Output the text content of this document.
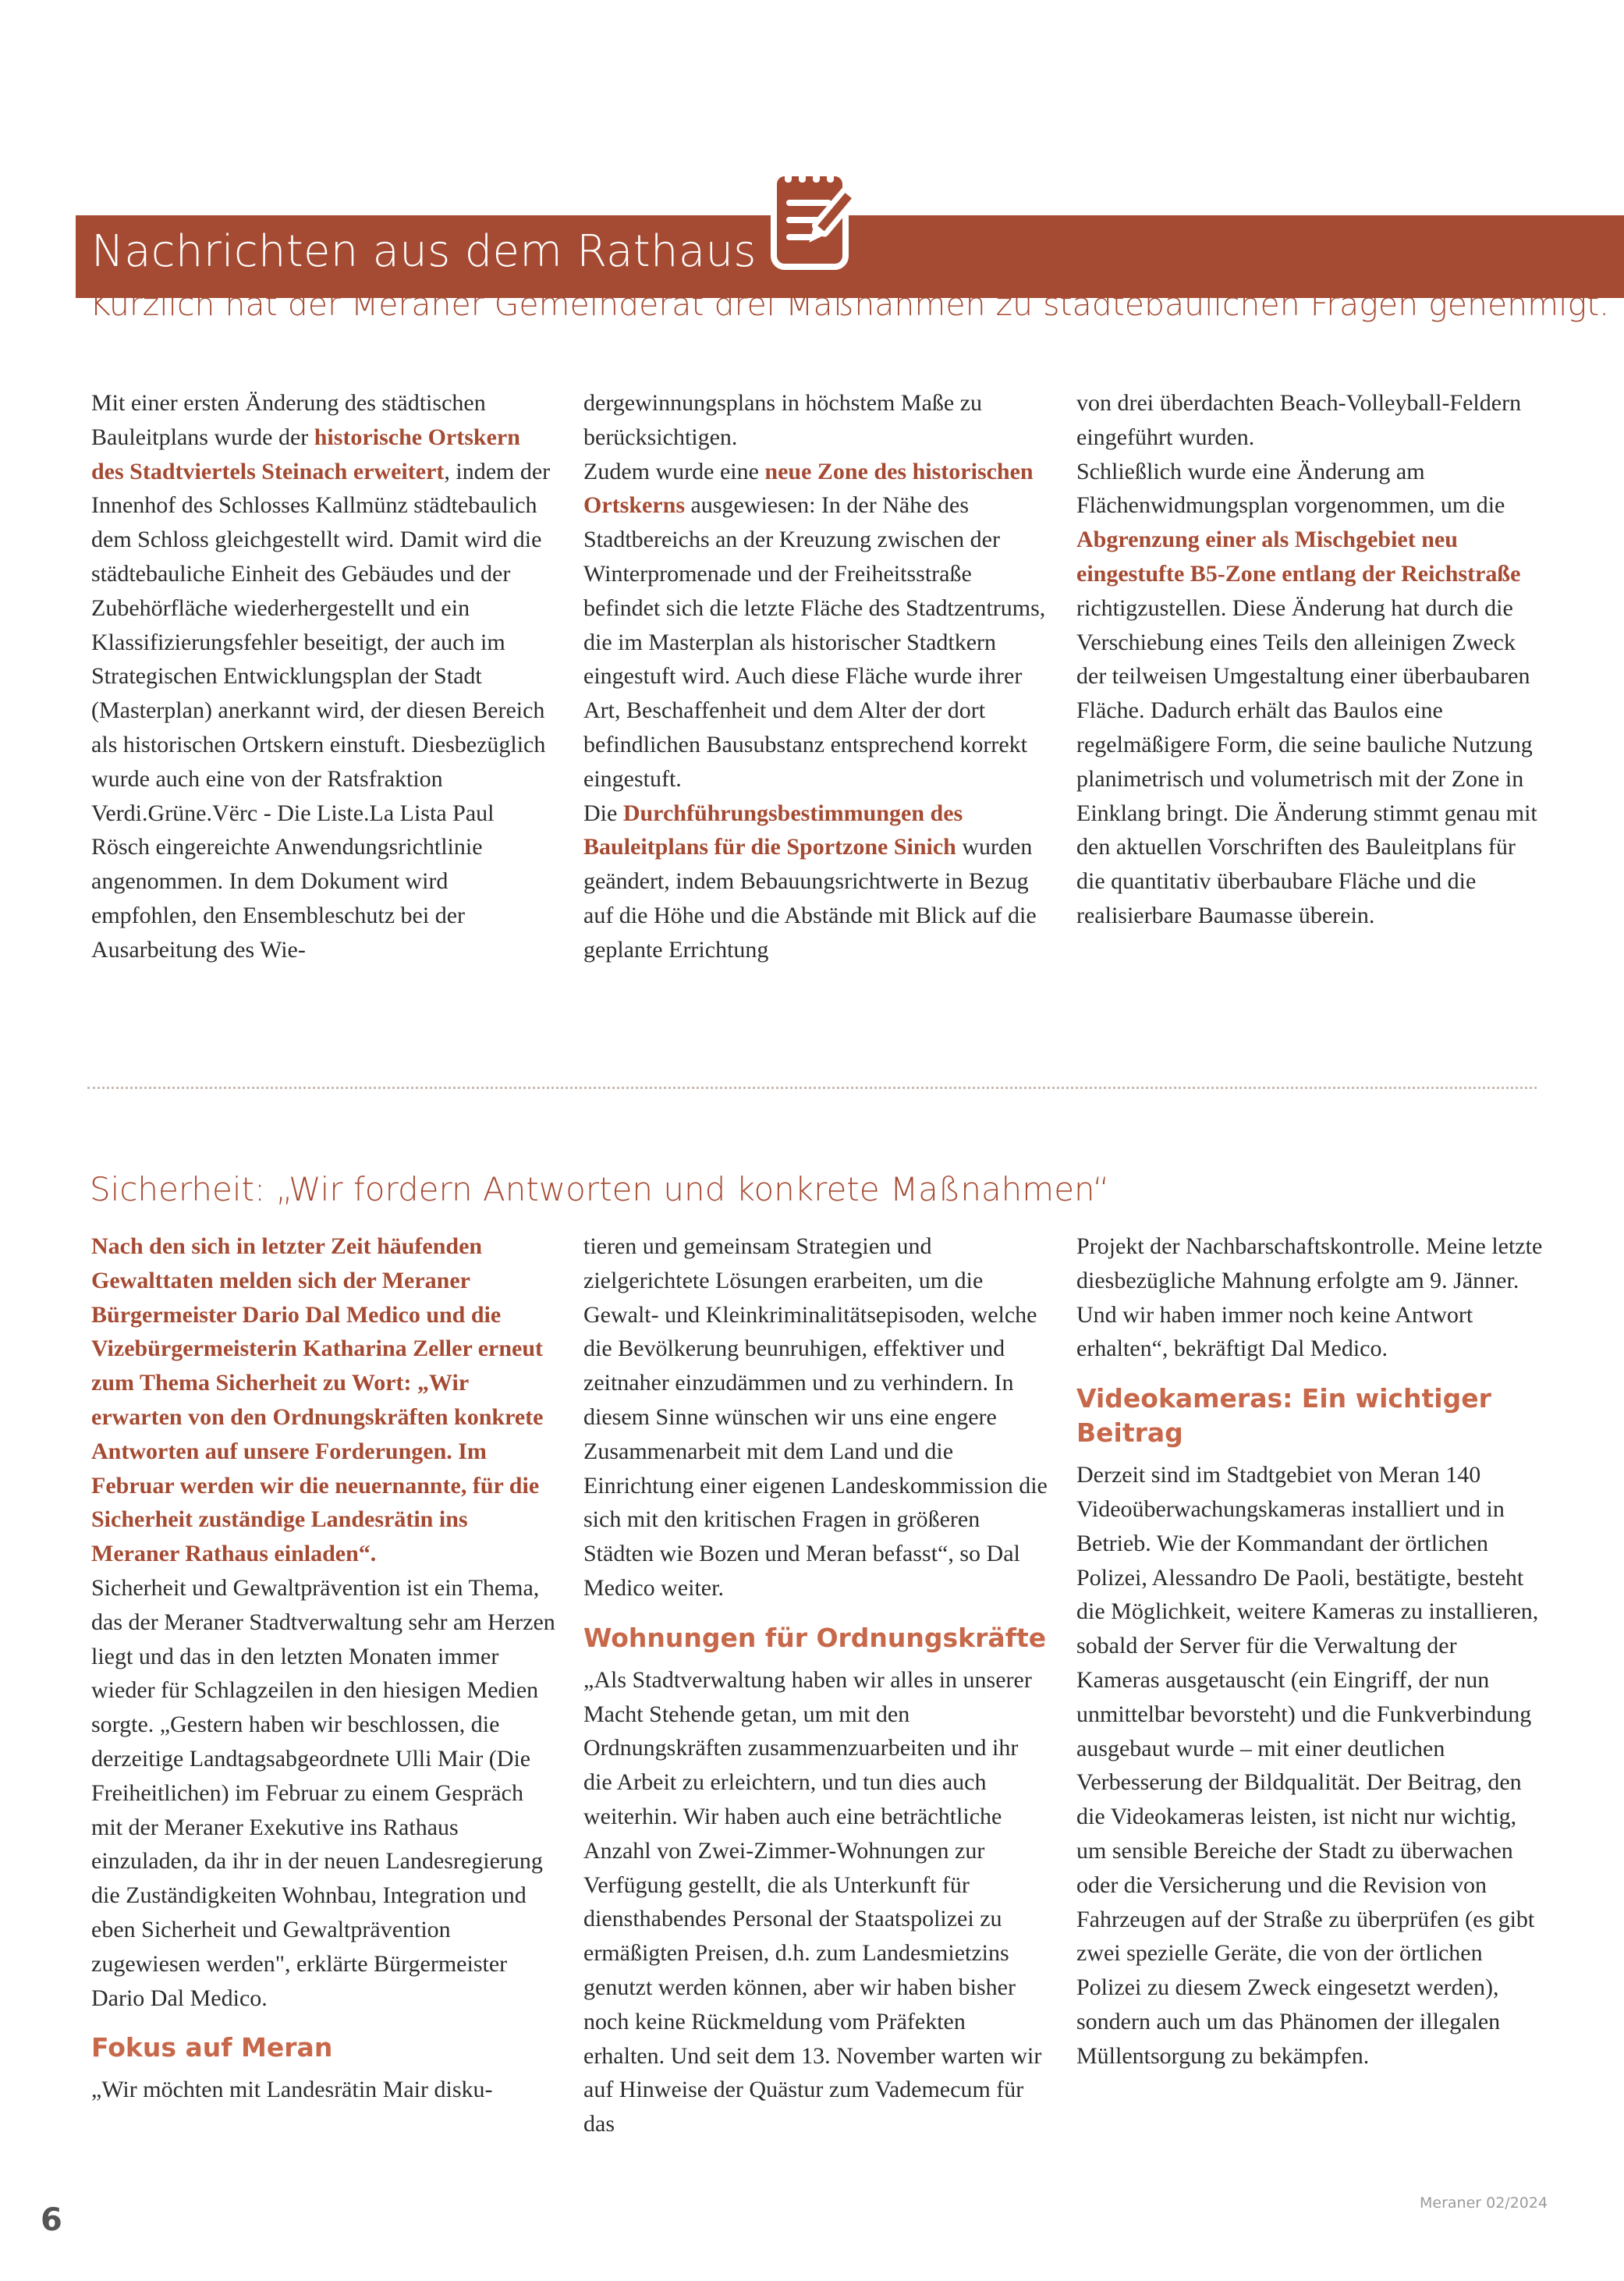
Nachrichten aus dem Rathaus
Kürzlich hat der Meraner Gemeinderat drei Maßnahmen zu städtebaulichen Fragen genehmigt.

Mit einer ersten Änderung des städtischen Bauleitplans wurde der historische Ortskern des Stadtviertels Steinach erweitert, indem der Innenhof des Schlosses Kallmünz städtebaulich dem Schloss gleichgestellt wird. Damit wird die städtebauliche Einheit des Gebäudes und der Zubehörfläche wiederhergestellt und ein Klassifizierungsfehler beseitigt, der auch im Strategischen Entwicklungsplan der Stadt (Masterplan) anerkannt wird, der diesen Bereich als historischen Ortskern einstuft. Diesbezüglich wurde auch eine von der Ratsfraktion Verdi.Grüne.Vërc - Die Liste.La Lista Paul Rösch eingereichte Anwendungsrichtlinie angenommen. In dem Dokument wird empfohlen, den Ensembleschutz bei der Ausarbeitung des Wie-

dergewinnungsplans in höchstem Maße zu berücksichtigen.

Zudem wurde eine neue Zone des historischen Ortskerns ausgewiesen: In der Nähe des Stadtbereichs an der Kreuzung zwischen der Winterpromenade und der Freiheitsstraße befindet sich die letzte Fläche des Stadtzentrums, die im Masterplan als historischer Stadtkern eingestuft wird. Auch diese Fläche wurde ihrer Art, Beschaffenheit und dem Alter der dort befindlichen Bausubstanz entsprechend korrekt eingestuft.

Die Durchführungsbestimmungen des Bauleitplans für die Sportzone Sinich wurden geändert, indem Bebauungsrichtwerte in Bezug auf die Höhe und die Abstände mit Blick auf die geplante Errichtung

von drei überdachten Beach-Volleyball-Feldern eingeführt wurden.

Schließlich wurde eine Änderung am Flächenwidmungsplan vorgenommen, um die Abgrenzung einer als Mischgebiet neu eingestufte B5-Zone entlang der Reichstraße richtigzustellen. Diese Änderung hat durch die Verschiebung eines Teils den alleinigen Zweck der teilweisen Umgestaltung einer überbaubaren Fläche. Dadurch erhält das Baulos eine regelmäßigere Form, die seine bauliche Nutzung planimetrisch und volumetrisch mit der Zone in Einklang bringt. Die Änderung stimmt genau mit den aktuellen Vorschriften des Bauleitplans für die quantitativ überbaubare Fläche und die realisierbare Baumasse überein.

Sicherheit: „Wir fordern Antworten und konkrete Maßnahmen“

Nach den sich in letzter Zeit häufenden Gewalttaten melden sich der Meraner Bürgermeister Dario Dal Medico und die Vizebürgermeisterin Katharina Zeller erneut zum Thema Sicherheit zu Wort: „Wir erwarten von den Ordnungskräften konkrete Antworten auf unsere Forderungen. Im Februar werden wir die neuernannte, für die Sicherheit zuständige Landesrätin ins Meraner Rathaus einladen“.

Sicherheit und Gewaltprävention ist ein Thema, das der Meraner Stadtverwaltung sehr am Herzen liegt und das in den letzten Monaten immer wieder für Schlagzeilen in den hiesigen Medien sorgte. „Gestern haben wir beschlossen, die derzeitige Landtagsabgeordnete Ulli Mair (Die Freiheitlichen) im Februar zu einem Gespräch mit der Meraner Exekutive ins Rathaus einzuladen, da ihr in der neuen Landesregierung die Zuständigkeiten Wohnbau, Integration und eben Sicherheit und Gewaltprävention zugewiesen werden", erklärte Bürgermeister Dario Dal Medico.

Fokus auf Meran

„Wir möchten mit Landesrätin Mair disku-

tieren und gemeinsam Strategien und zielgerichtete Lösungen erarbeiten, um die Gewalt- und Kleinkriminalitätsepisoden, welche die Bevölkerung beunruhigen, effektiver und zeitnaher einzudämmen und zu verhindern. In diesem Sinne wünschen wir uns eine engere Zusammenarbeit mit dem Land und die Einrichtung einer eigenen Landeskommission die sich mit den kritischen Fragen in größeren Städten wie Bozen und Meran befasst“, so Dal Medico weiter.

Wohnungen für Ordnungskräfte

„Als Stadtverwaltung haben wir alles in unserer Macht Stehende getan, um mit den Ordnungskräften zusammenzuarbeiten und ihr die Arbeit zu erleichtern, und tun dies auch weiterhin. Wir haben auch eine beträchtliche Anzahl von Zwei-Zimmer-Wohnungen zur Verfügung gestellt, die als Unterkunft für diensthabendes Personal der Staatspolizei zu ermäßigten Preisen, d.h. zum Landesmietzins genutzt werden können, aber wir haben bisher noch keine Rückmeldung vom Präfekten erhalten. Und seit dem 13. November warten wir auf Hinweise der Quästur zum Vademecum für das

Projekt der Nachbarschaftskontrolle. Meine letzte diesbezügliche Mahnung erfolgte am 9. Jänner. Und wir haben immer noch keine Antwort erhalten“, bekräftigt Dal Medico.

Videokameras: Ein wichtiger Beitrag

Derzeit sind im Stadtgebiet von Meran 140 Videoüberwachungskameras installiert und in Betrieb. Wie der Kommandant der örtlichen Polizei, Alessandro De Paoli, bestätigte, besteht die Möglichkeit, weitere Kameras zu installieren, sobald der Server für die Verwaltung der Kameras ausgetauscht (ein Eingriff, der nun unmittelbar bevorsteht) und die Funkverbindung ausgebaut wurde – mit einer deutlichen Verbesserung der Bildqualität. Der Beitrag, den die Videokameras leisten, ist nicht nur wichtig, um sensible Bereiche der Stadt zu überwachen oder die Versicherung und die Revision von Fahrzeugen auf der Straße zu überprüfen (es gibt zwei spezielle Geräte, die von der örtlichen Polizei zu diesem Zweck eingesetzt werden), sondern auch um das Phänomen der illegalen Müllentsorgung zu bekämpfen.

6	Meraner 02/2024
